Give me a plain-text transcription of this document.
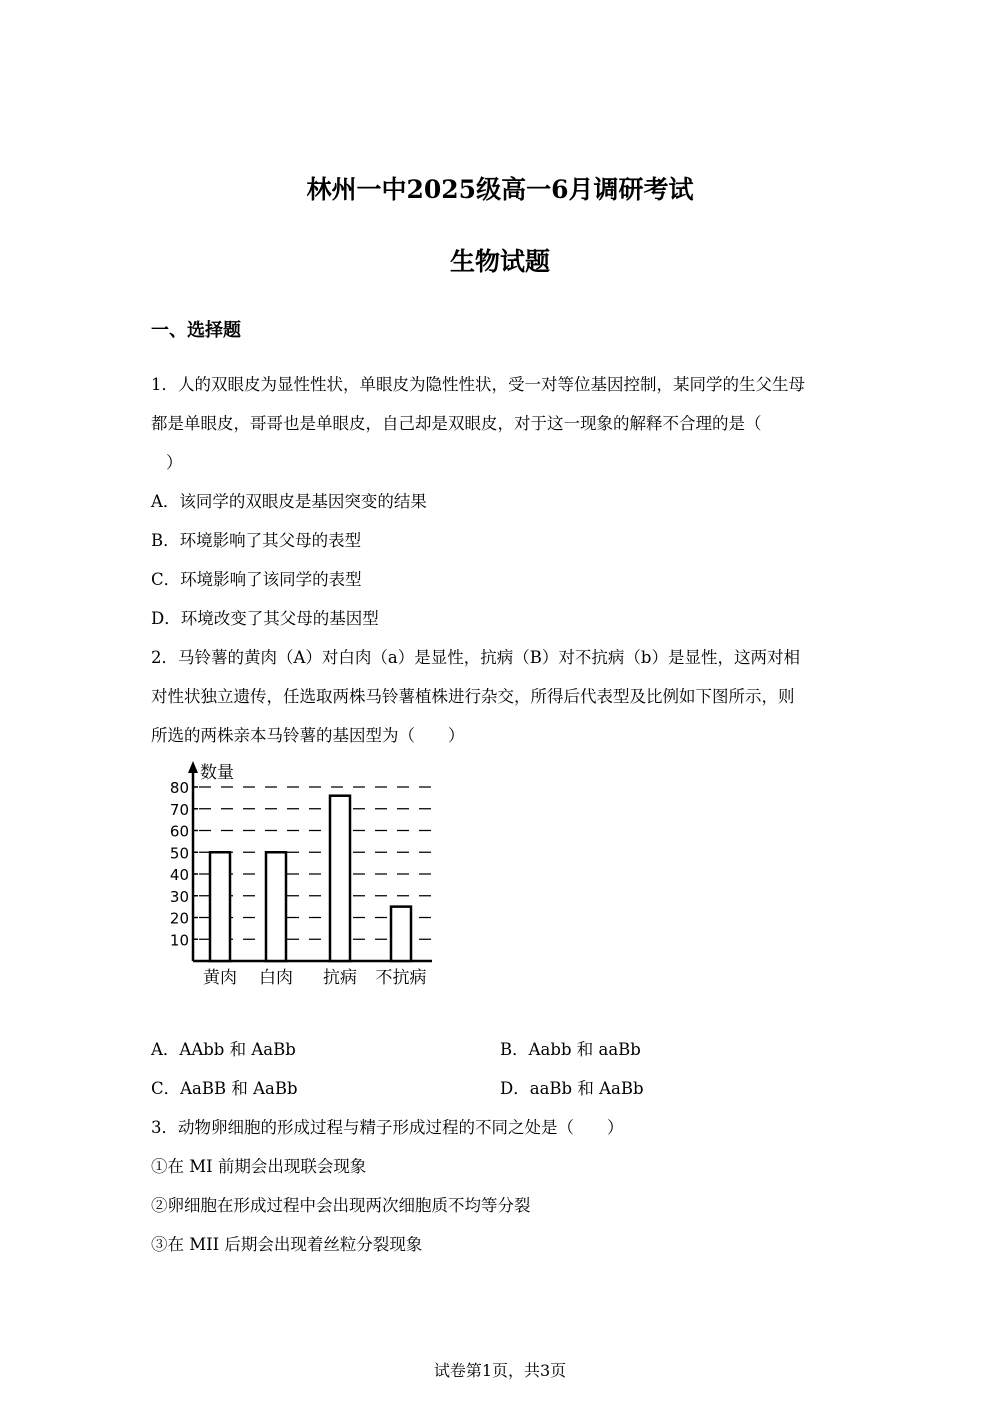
林州一中2025级高一6月调研考试
生物试题
一、选择题
1．人的双眼皮为显性性状，单眼皮为隐性性状，受一对等位基因控制，某同学的生父生母
都是单眼皮，哥哥也是单眼皮，自己却是双眼皮，对于这一现象的解释不合理的是（
）
A．该同学的双眼皮是基因突变的结果
B．环境影响了其父母的表型
C．环境影响了该同学的表型
D．环境改变了其父母的基因型
2．马铃薯的黄肉（A）对白肉（a）是显性，抗病（B）对不抗病（b）是显性，这两对相
对性状独立遗传，任选取两株马铃薯植株进行杂交，所得后代表型及比例如下图所示，则
所选的两株亲本马铃薯的基因型为（　　）
数量
10
20
30
40
50
60
70
80
黄肉 白肉 抗病 不抗病
A．AAbb 和 AaBb	B．Aabb 和 aaBb
C．AaBB 和 AaBb	D．aaBb 和 AaBb
3．动物卵细胞的形成过程与精子形成过程的不同之处是（　　）
①在 MI 前期会出现联会现象
②卵细胞在形成过程中会出现两次细胞质不均等分裂
③在 MII 后期会出现着丝粒分裂现象
试卷第1页，共3页
